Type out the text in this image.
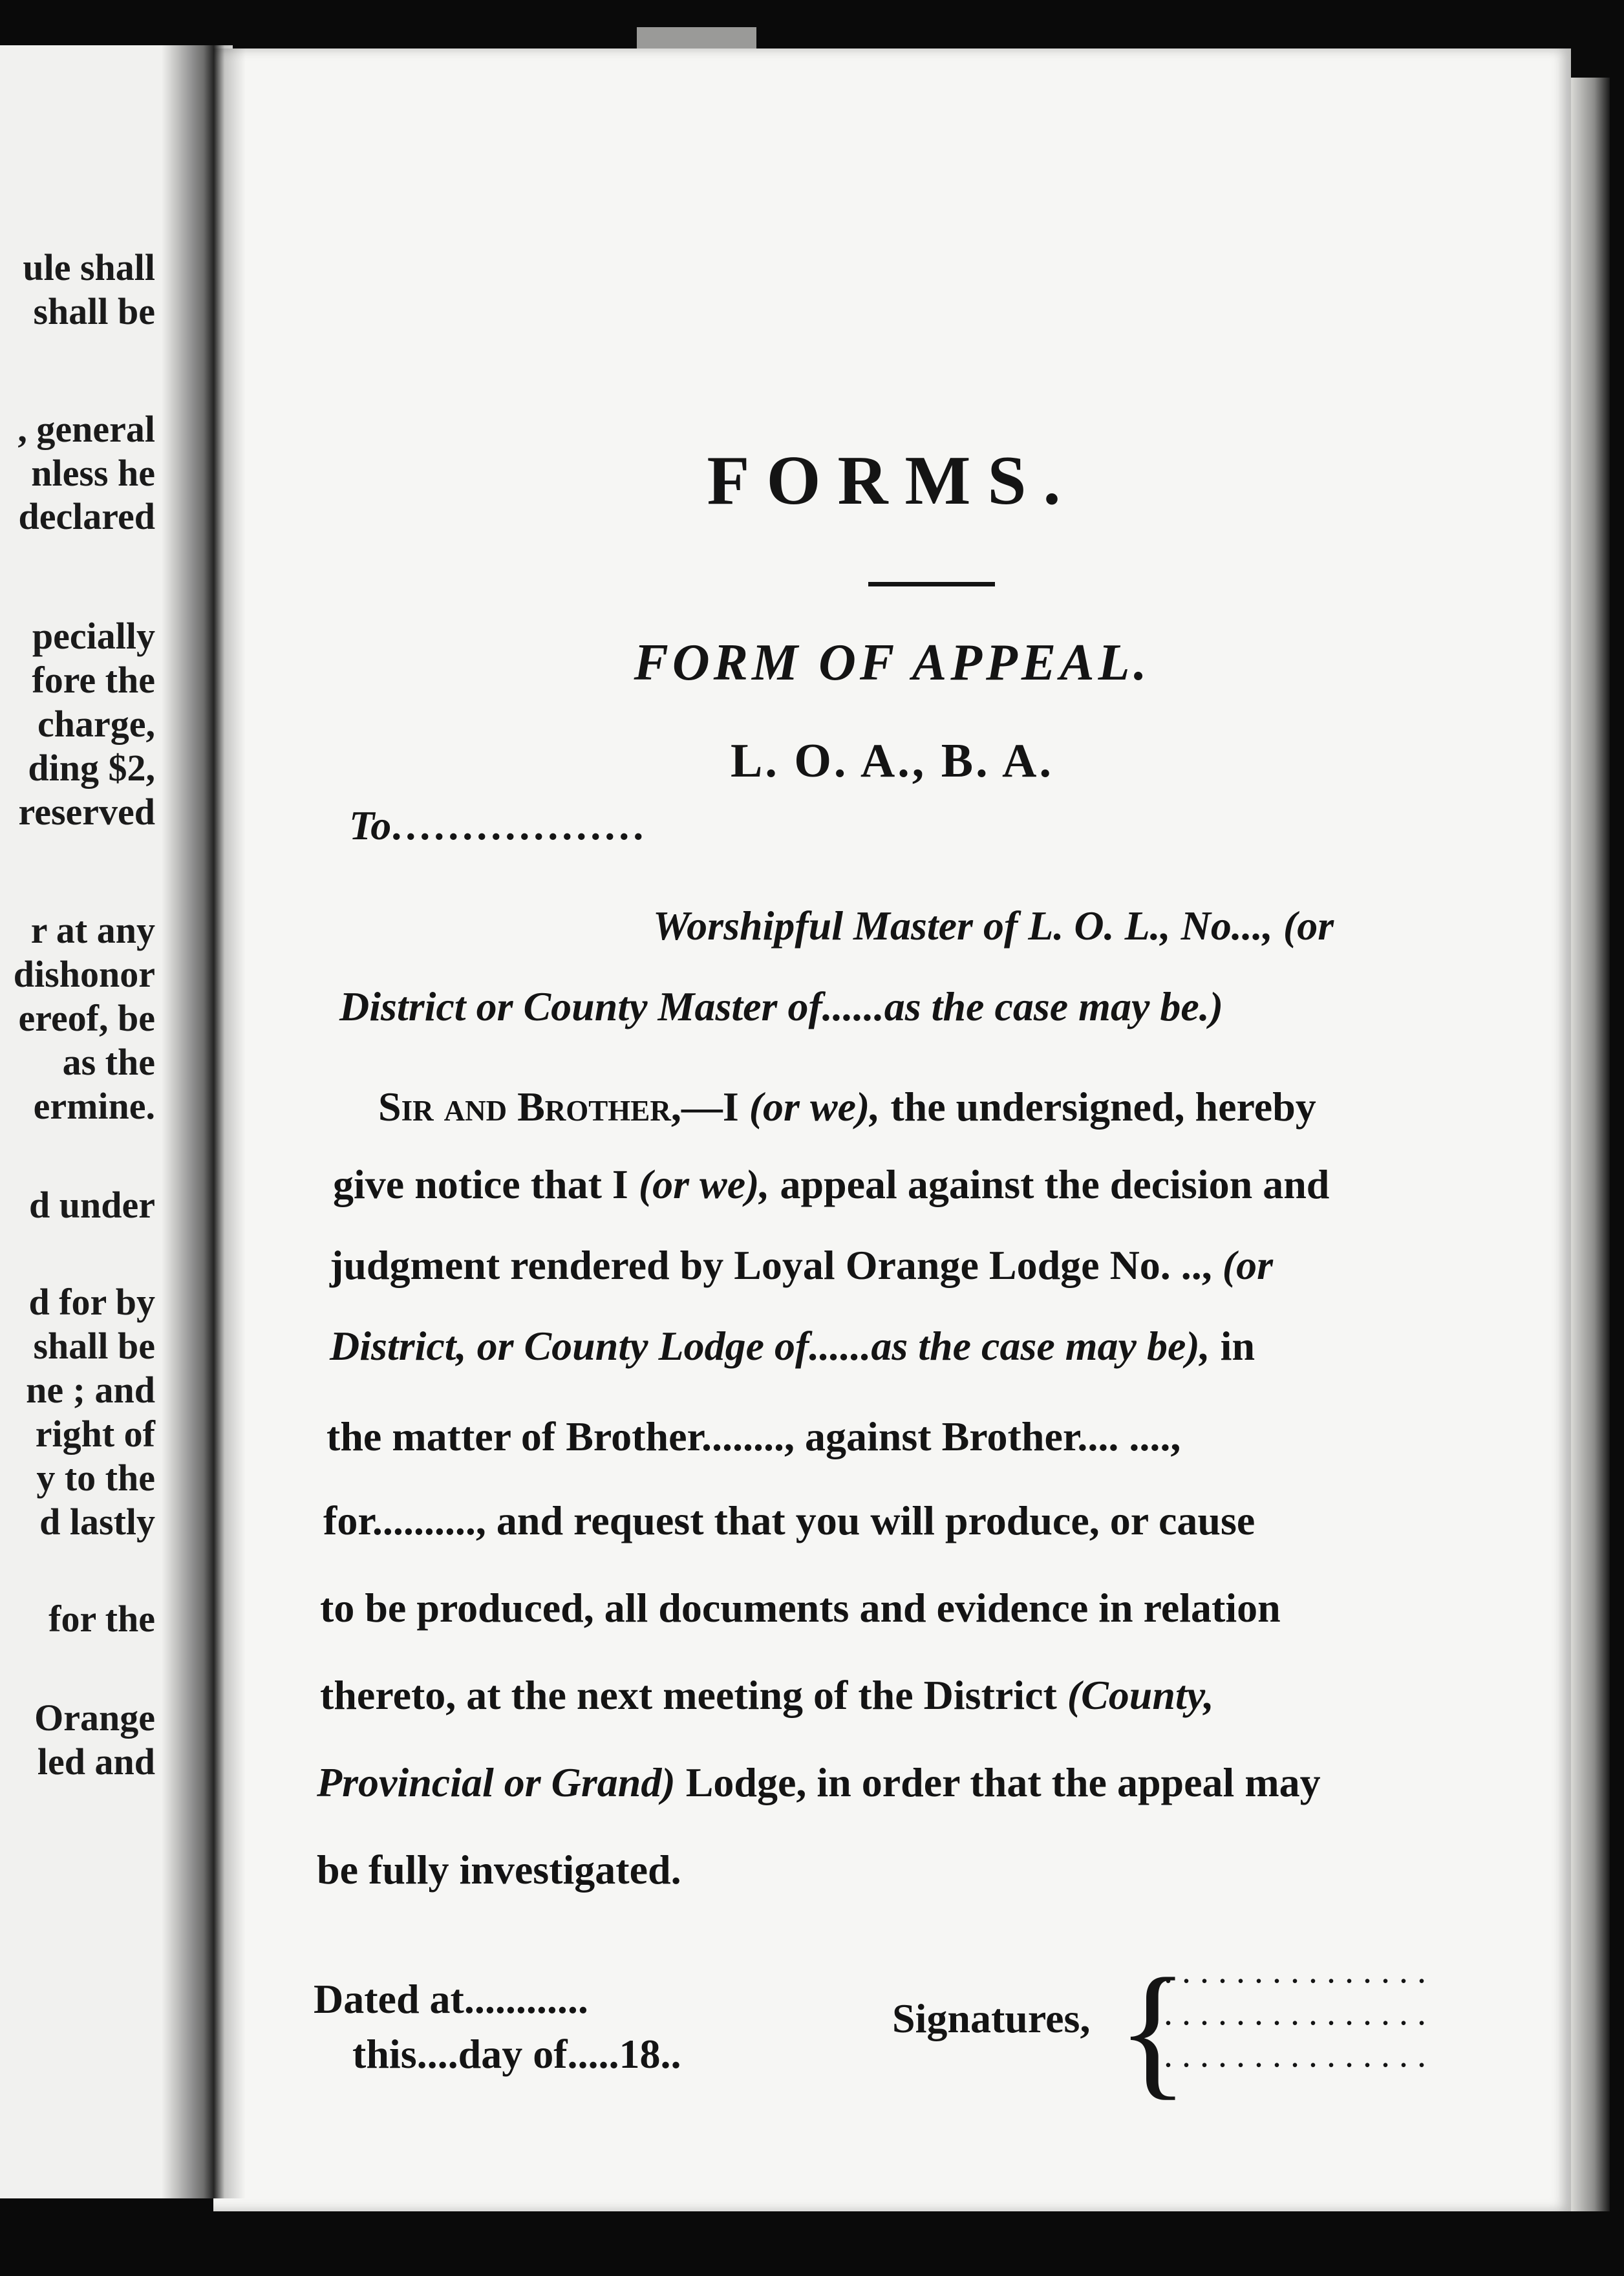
ule shall
shall be
, general
nless he
declared
pecially
fore the
charge,
ding $2,
reserved
r at any
dishonor
ereof, be
as the
ermine.
d under
d for by
shall be
ne ; and
right of
y to the
d lastly
for the
Orange
led and
FORMS.
FORM OF APPEAL.
L. O. A., B. A.
To..................
Worshipful Master of L. O. L., No..., (or
District or County Master of......as the case may be.)
Sir and Brother,—I (or we), the undersigned, hereby
give notice that I (or we), appeal against the decision and
judgment rendered by Loyal Orange Lodge No. .., (or
District, or County Lodge of......as the case may be), in
the matter of Brother........, against Brother.... ....,
for.........., and request that you will produce, or cause
to be produced, all documents and evidence in relation
thereto, at the next meeting of the District (County,
Provincial or Grand) Lodge, in order that the appeal may
be fully investigated.
Dated at............
this....day of.....18..
Signatures, {
...............
...............
...............
